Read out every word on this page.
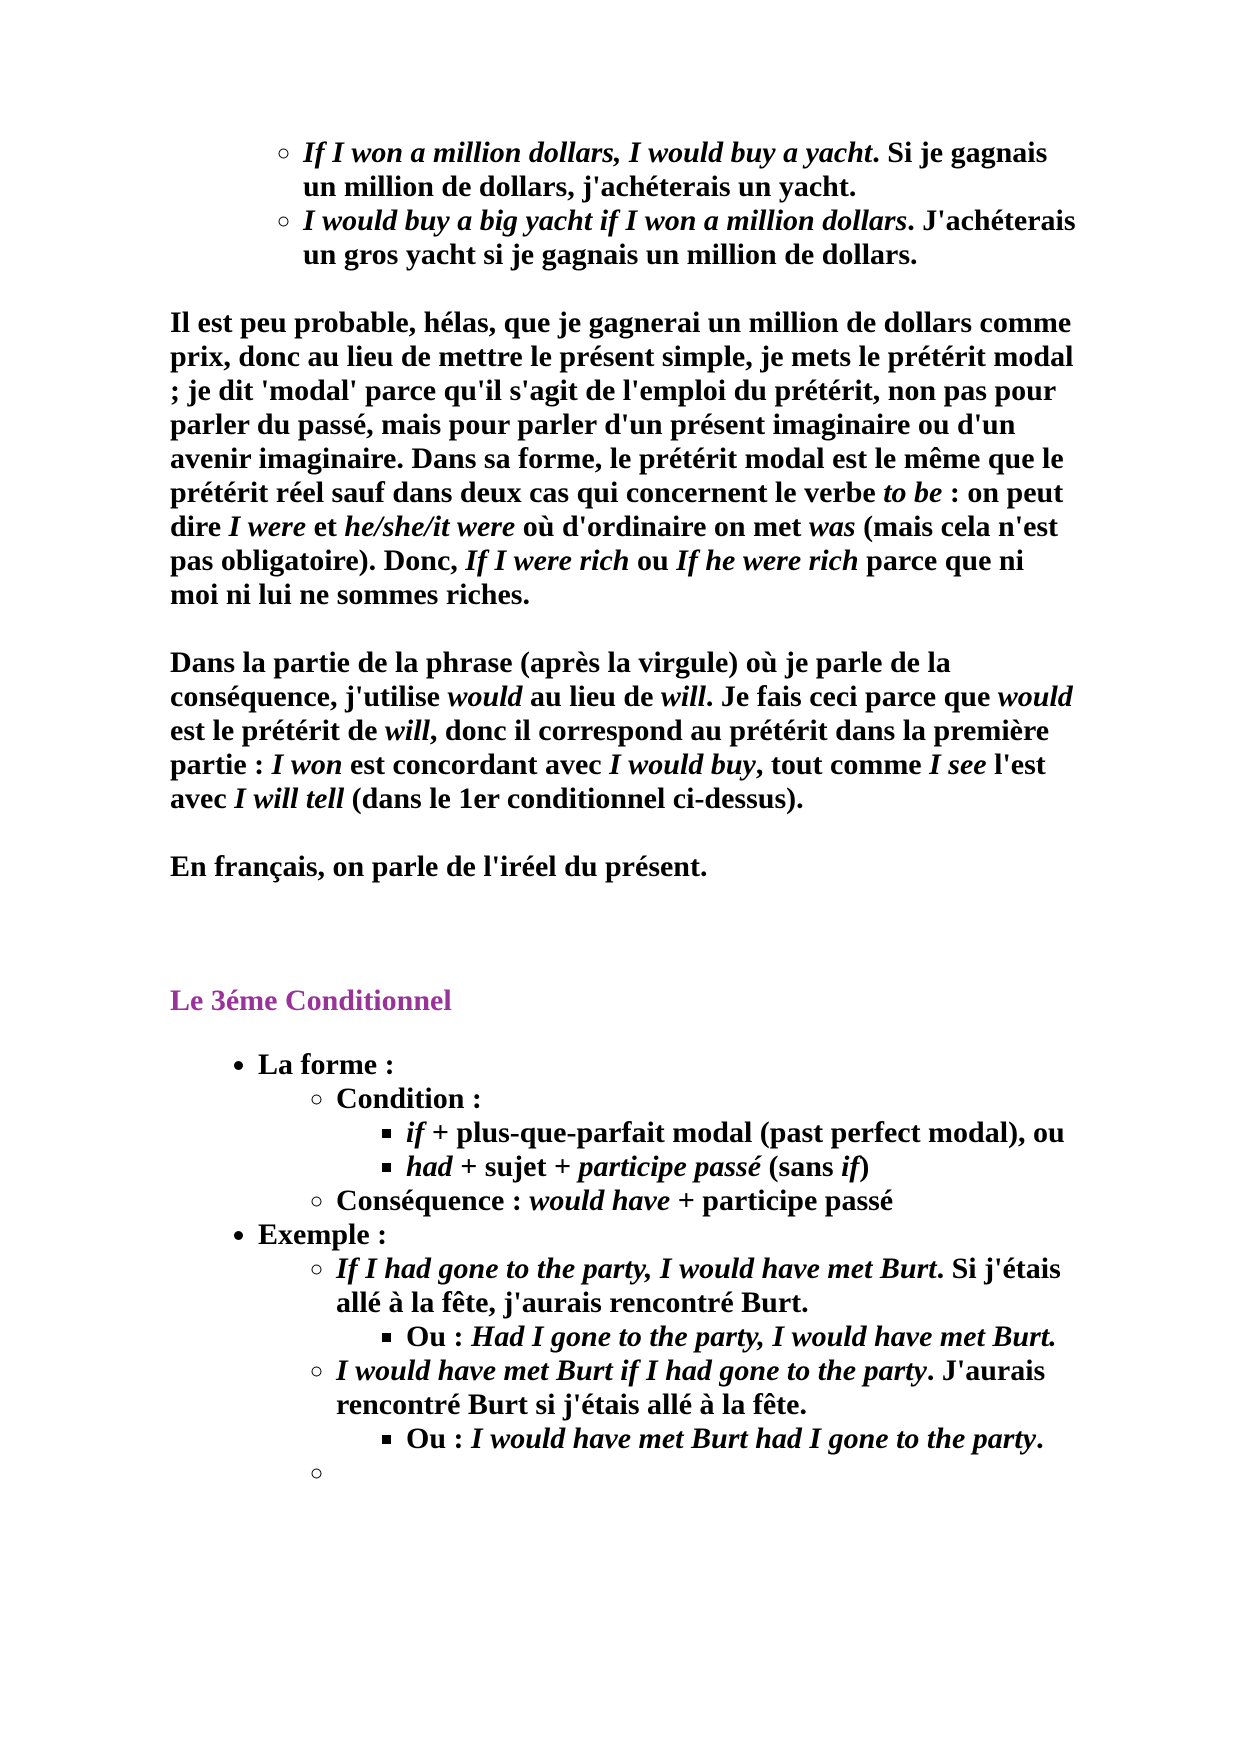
◦ If I won a million dollars, I would buy a yacht. Si je gagnais un million de dollars, j'achéterais un yacht.
◦ I would buy a big yacht if I won a million dollars. J'achéterais un gros yacht si je gagnais un million de dollars.

Il est peu probable, hélas, que je gagnerai un million de dollars comme prix, donc au lieu de mettre le présent simple, je mets le prétérit modal ; je dit 'modal' parce qu'il s'agit de l'emploi du prétérit, non pas pour parler du passé, mais pour parler d'un présent imaginaire ou d'un avenir imaginaire. Dans sa forme, le prétérit modal est le même que le prétérit réel sauf dans deux cas qui concernent le verbe to be : on peut dire I were et he/she/it were où d'ordinaire on met was (mais cela n'est pas obligatoire). Donc, If I were rich ou If he were rich parce que ni moi ni lui ne sommes riches.

Dans la partie de la phrase (après la virgule) où je parle de la conséquence, j'utilise would au lieu de will. Je fais ceci parce que would est le prétérit de will, donc il correspond au prétérit dans la première partie : I won est concordant avec I would buy, tout comme I see l'est avec I will tell (dans le 1er conditionnel ci-dessus).

En français, on parle de l'iréel du présent.

Le 3éme Conditionnel
• La forme :
◦ Condition :
▪ if + plus-que-parfait modal (past perfect modal), ou
▪ had + sujet + participe passé (sans if)
◦ Conséquence : would have + participe passé
• Exemple :
◦ If I had gone to the party, I would have met Burt. Si j'étais allé à la fête, j'aurais rencontré Burt.
▪ Ou : Had I gone to the party, I would have met Burt.
◦ I would have met Burt if I had gone to the party. J'aurais rencontré Burt si j'étais allé à la fête.
▪ Ou : I would have met Burt had I gone to the party.
◦
